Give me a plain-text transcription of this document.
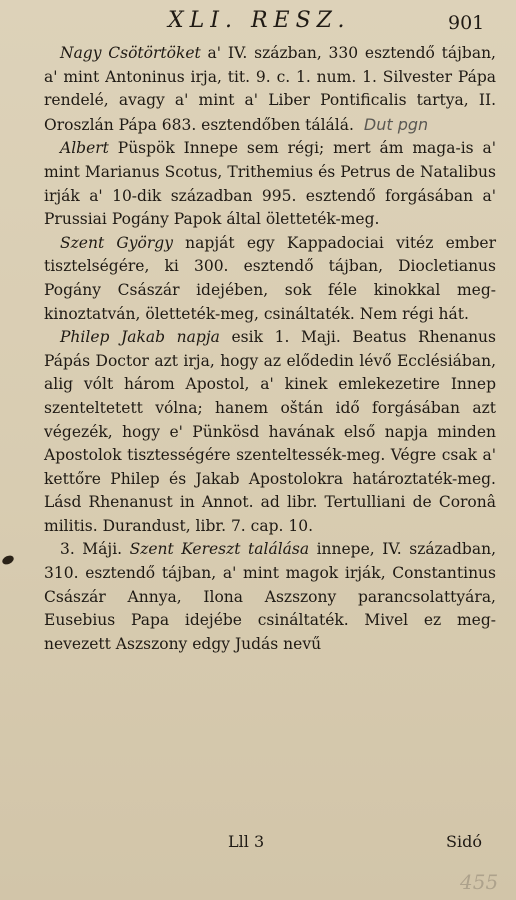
XLI. RESZ.	901

Nagy Csötörtöket a' IV. százban, 330 esztendő tájban, a' mint Antoninus irja, tit. 9. c. 1. num. 1. Silvester Pápa rendelé, avagy a' mint a' Liber Pontificalis tartya, II. Oroszlán Pápa 683. esztendőben tálálá. Dut pgn

Albert Püspök Innepe sem régi; mert ám maga-is a' mint Marianus Scotus, Trithemius és Petrus de Natalibus irják a' 10-dik században 995. esztendő forgásában a' Prussiai Pogány Papok által öletteték-meg.

Szent György napját egy Kappadociai vitéz ember tisztelségére, ki 300. esztendő tájban, Diocletianus Pogány Császár idejében, sok féle kinokkal meg-kinoztatván, öletteték-meg, csináltaték. Nem régi hát.

Philep Jakab napja esik 1. Maji. Beatus Rhenanus Pápás Doctor azt irja, hogy az elődedin lévő Ecclésiában, alig vólt három Apostol, a' kinek emlekezetire Innep szenteltetett vólna; hanem oštán idő forgásában azt végezék, hogy e' Pünkösd havának első napja minden Apostolok tisztességére szenteltessék-meg. Végre csak a' kettőre Philep és Jakab Apostolokra határoztaték-meg. Lásd Rhenanust in Annot. ad libr. Tertulliani de Coronâ militis. Durandust, libr. 7. cap. 10.

3. Máji. Szent Kereszt találása innepe, IV. században, 310. esztendő tájban, a' mint magok irják, Constantinus Császár Annya, Ilona Aszszony parancsolattyára, Eusebius Papa idejébe csináltaték. Mivel ez meg-nevezett Aszszony edgy Judás nevű

Lll 3	Sidó
455
